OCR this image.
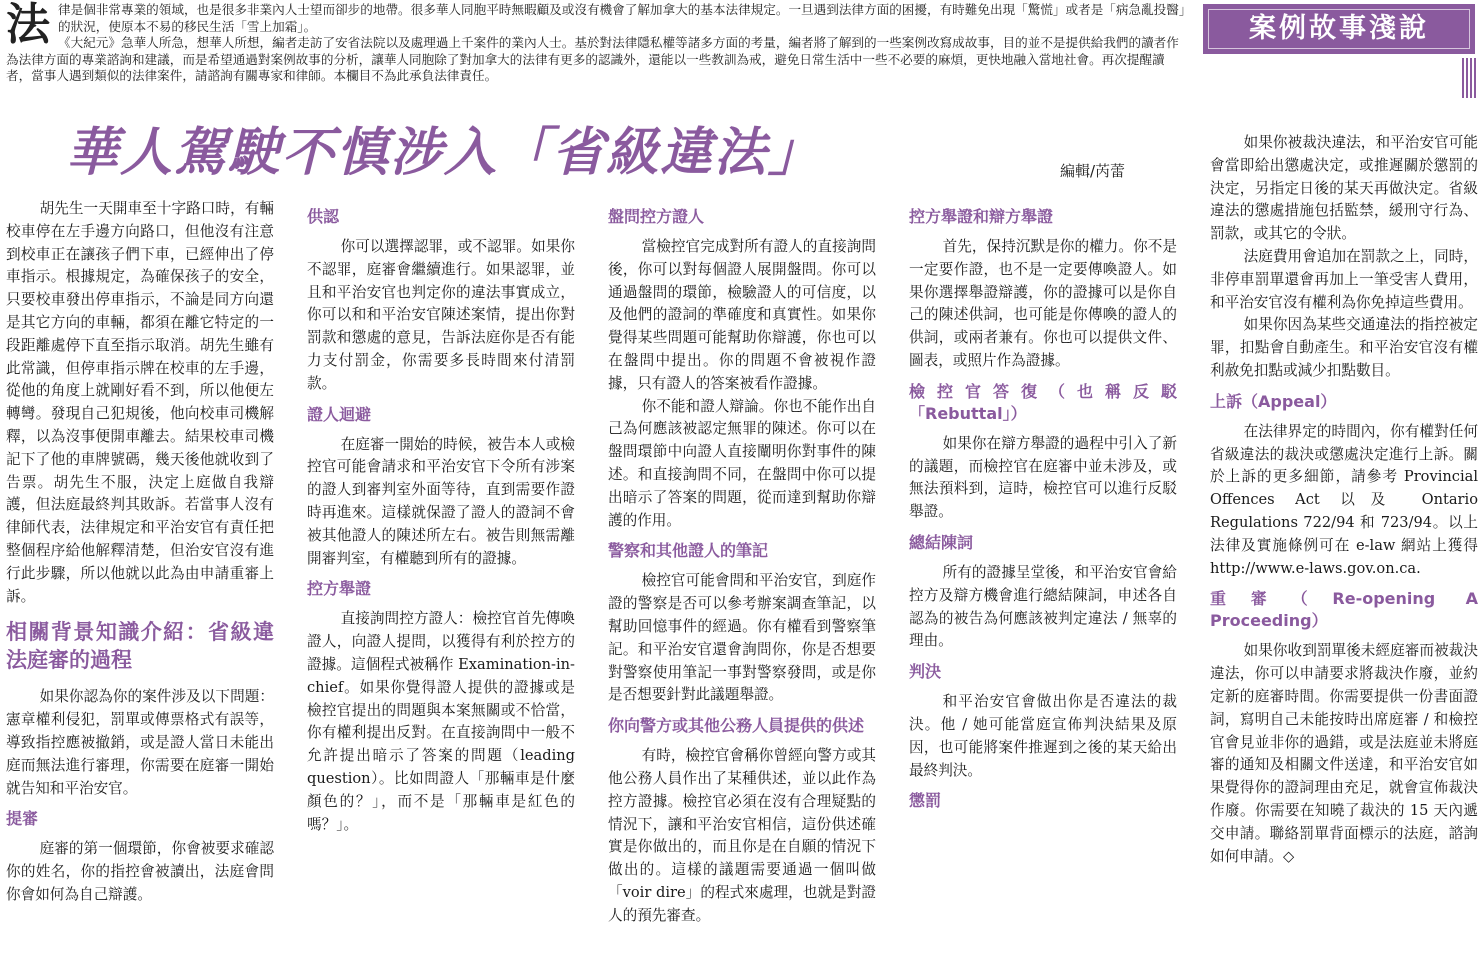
法 律是個非常專業的領域，也是很多非業內人士望而卻步的地帶。很多華人同胞平時無暇顧及或沒有機會了解加拿大的基本法律規定。一旦遇到法律方面的困擾，有時難免出現「驚慌」或者是「病急亂投醫」的狀況，使原本不易的移民生活「雪上加霜」。

《大紀元》急華人所急，想華人所想，編者走訪了安省法院以及處理過上千案件的業內人士。基於對法律隱私權等諸多方面的考量，編者將了解到的一些案例改寫成故事，目的並不是提供給我們的讀者作為法律方面的專業諮詢和建議，而是希望通過對案例故事的分析，讓華人同胞除了對加拿大的法律有更多的認識外，還能以一些教訓為戒，避免日常生活中一些不必要的麻煩，更快地融入當地社會。再次提醒讀者，當事人遇到類似的法律案件，請諮詢有關專家和律師。本欄目不為此承負法律責任。

案例故事淺說
華人駕駛不慎涉入「省級違法」	編輯/芮蕾

胡先生一天開車至十字路口時，有輛校車停在左手邊方向路口，但他沒有注意到校車正在讓孩子們下車，已經伸出了停車指示。根據規定，為確保孩子的安全，只要校車發出停車指示，不論是同方向還是其它方向的車輛，都須在離它特定的一段距離處停下直至指示取消。胡先生雖有此常識，但停車指示牌在校車的左手邊，從他的角度上就剛好看不到，所以他便左轉彎。發現自己犯規後，他向校車司機解釋，以為沒事便開車離去。結果校車司機記下了他的車牌號碼，幾天後他就收到了告票。胡先生不服，決定上庭做自我辯護，但法庭最終判其敗訴。若當事人沒有律師代表，法律規定和平治安官有責任把整個程序給他解釋清楚，但治安官沒有進行此步驟，所以他就以此為由申請重審上訴。

相關背景知識介紹：省級違法庭審的過程

如果你認為你的案件涉及以下問題：憲章權利侵犯，罰單或傳票格式有誤等，導致指控應被撤銷，或是證人當日未能出庭而無法進行審理，你需要在庭審一開始就告知和平治安官。

提審

庭審的第一個環節，你會被要求確認你的姓名，你的指控會被讀出，法庭會問你會如何為自己辯護。

供認

你可以選擇認罪，或不認罪。如果你不認罪，庭審會繼續進行。如果認罪，並且和平治安官也判定你的違法事實成立，你可以和和平治安官陳述案情，提出你對罰款和懲處的意見，告訴法庭你是否有能力支付罰金，你需要多長時間來付清罰款。

證人迴避

在庭審一開始的時候，被告本人或檢控官可能會請求和平治安官下令所有涉案的證人到審判室外面等待，直到需要作證時再進來。這樣就保證了證人的證詞不會被其他證人的陳述所左右。被告則無需離開審判室，有權聽到所有的證據。

控方舉證

直接詢問控方證人：檢控官首先傳喚證人，向證人提問，以獲得有利於控方的證據。這個程式被稱作 Examination-in-chief。如果你覺得證人提供的證據或是檢控官提出的問題與本案無關或不恰當，你有權利提出反對。在直接詢問中一般不允許提出暗示了答案的問題（leading question）。比如問證人「那輛車是什麼顏色的？」，而不是「那輛車是紅色的嗎？」。

盤問控方證人

當檢控官完成對所有證人的直接詢問後，你可以對每個證人展開盤問。你可以通過盤問的環節，檢驗證人的可信度，以及他們的證詞的準確度和真實性。如果你覺得某些問題可能幫助你辯護，你也可以在盤問中提出。你的問題不會被視作證據，只有證人的答案被看作證據。

你不能和證人辯論。你也不能作出自己為何應該被認定無罪的陳述。你可以在盤問環節中向證人直接闡明你對事件的陳述。和直接詢問不同，在盤問中你可以提出暗示了答案的問題，從而達到幫助你辯護的作用。

警察和其他證人的筆記

檢控官可能會問和平治安官，到庭作證的警察是否可以參考辦案調查筆記，以幫助回憶事件的經過。你有權看到警察筆記。和平治安官還會詢問你，你是否想要對警察使用筆記一事對警察發問，或是你是否想要針對此議題舉證。

你向警方或其他公務人員提供的供述

有時，檢控官會稱你曾經向警方或其他公務人員作出了某種供述，並以此作為控方證據。檢控官必須在沒有合理疑點的情況下，讓和平治安官相信，這份供述確實是你做出的，而且你是在自願的情況下做出的。這樣的議題需要通過一個叫做「voir dire」的程式來處理，也就是對證人的預先審查。

控方舉證和辯方舉證

首先，保持沉默是你的權力。你不是一定要作證，也不是一定要傳喚證人。如果你選擇舉證辯護，你的證據可以是你自己的陳述供詞，也可能是你傳喚的證人的供詞，或兩者兼有。你也可以提供文件、圖表，或照片作為證據。

檢控官答復（也稱反駁「Rebuttal」）

如果你在辯方舉證的過程中引入了新的議題，而檢控官在庭審中並未涉及，或無法預料到，這時，檢控官可以進行反駁舉證。

總結陳詞

所有的證據呈堂後，和平治安官會給控方及辯方機會進行總結陳詞，申述各自認為的被告為何應該被判定違法 / 無辜的理由。

判決

和平治安官會做出你是否違法的裁決。他 / 她可能當庭宣佈判決結果及原因，也可能將案件推遲到之後的某天給出最終判決。

懲罰

如果你被裁決違法，和平治安官可能會當即給出懲處決定，或推遲關於懲罰的決定，另指定日後的某天再做決定。省級違法的懲處措施包括監禁，緩刑守行為、罰款，或其它的令狀。

法庭費用會追加在罰款之上，同時，非停車罰單還會再加上一筆受害人費用，和平治安官沒有權利為你免掉這些費用。

如果你因為某些交通違法的指控被定罪，扣點會自動產生。和平治安官沒有權利赦免扣點或減少扣點數目。

上訴（Appeal）

在法律界定的時間內，你有權對任何省級違法的裁決或懲處決定進行上訴。關於上訴的更多細節，請參考 Provincial Offences Act 以及 Ontario Regulations 722/94 和 723/94。以上法律及實施條例可在 e-law 網站上獲得 http://www.e-laws.gov.on.ca.

重審（Re-opening A Proceeding）

如果你收到罰單後未經庭審而被裁決違法，你可以申請要求將裁決作廢，並約定新的庭審時間。你需要提供一份書面證詞，寫明自己未能按時出席庭審 / 和檢控官會見並非你的過錯，或是法庭並未將庭審的通知及相關文件送達，和平治安官如果覺得你的證詞理由充足，就會宣佈裁決作廢。你需要在知曉了裁決的 15 天內遞交申請。聯絡罰單背面標示的法庭，諮詢如何申請。◇
